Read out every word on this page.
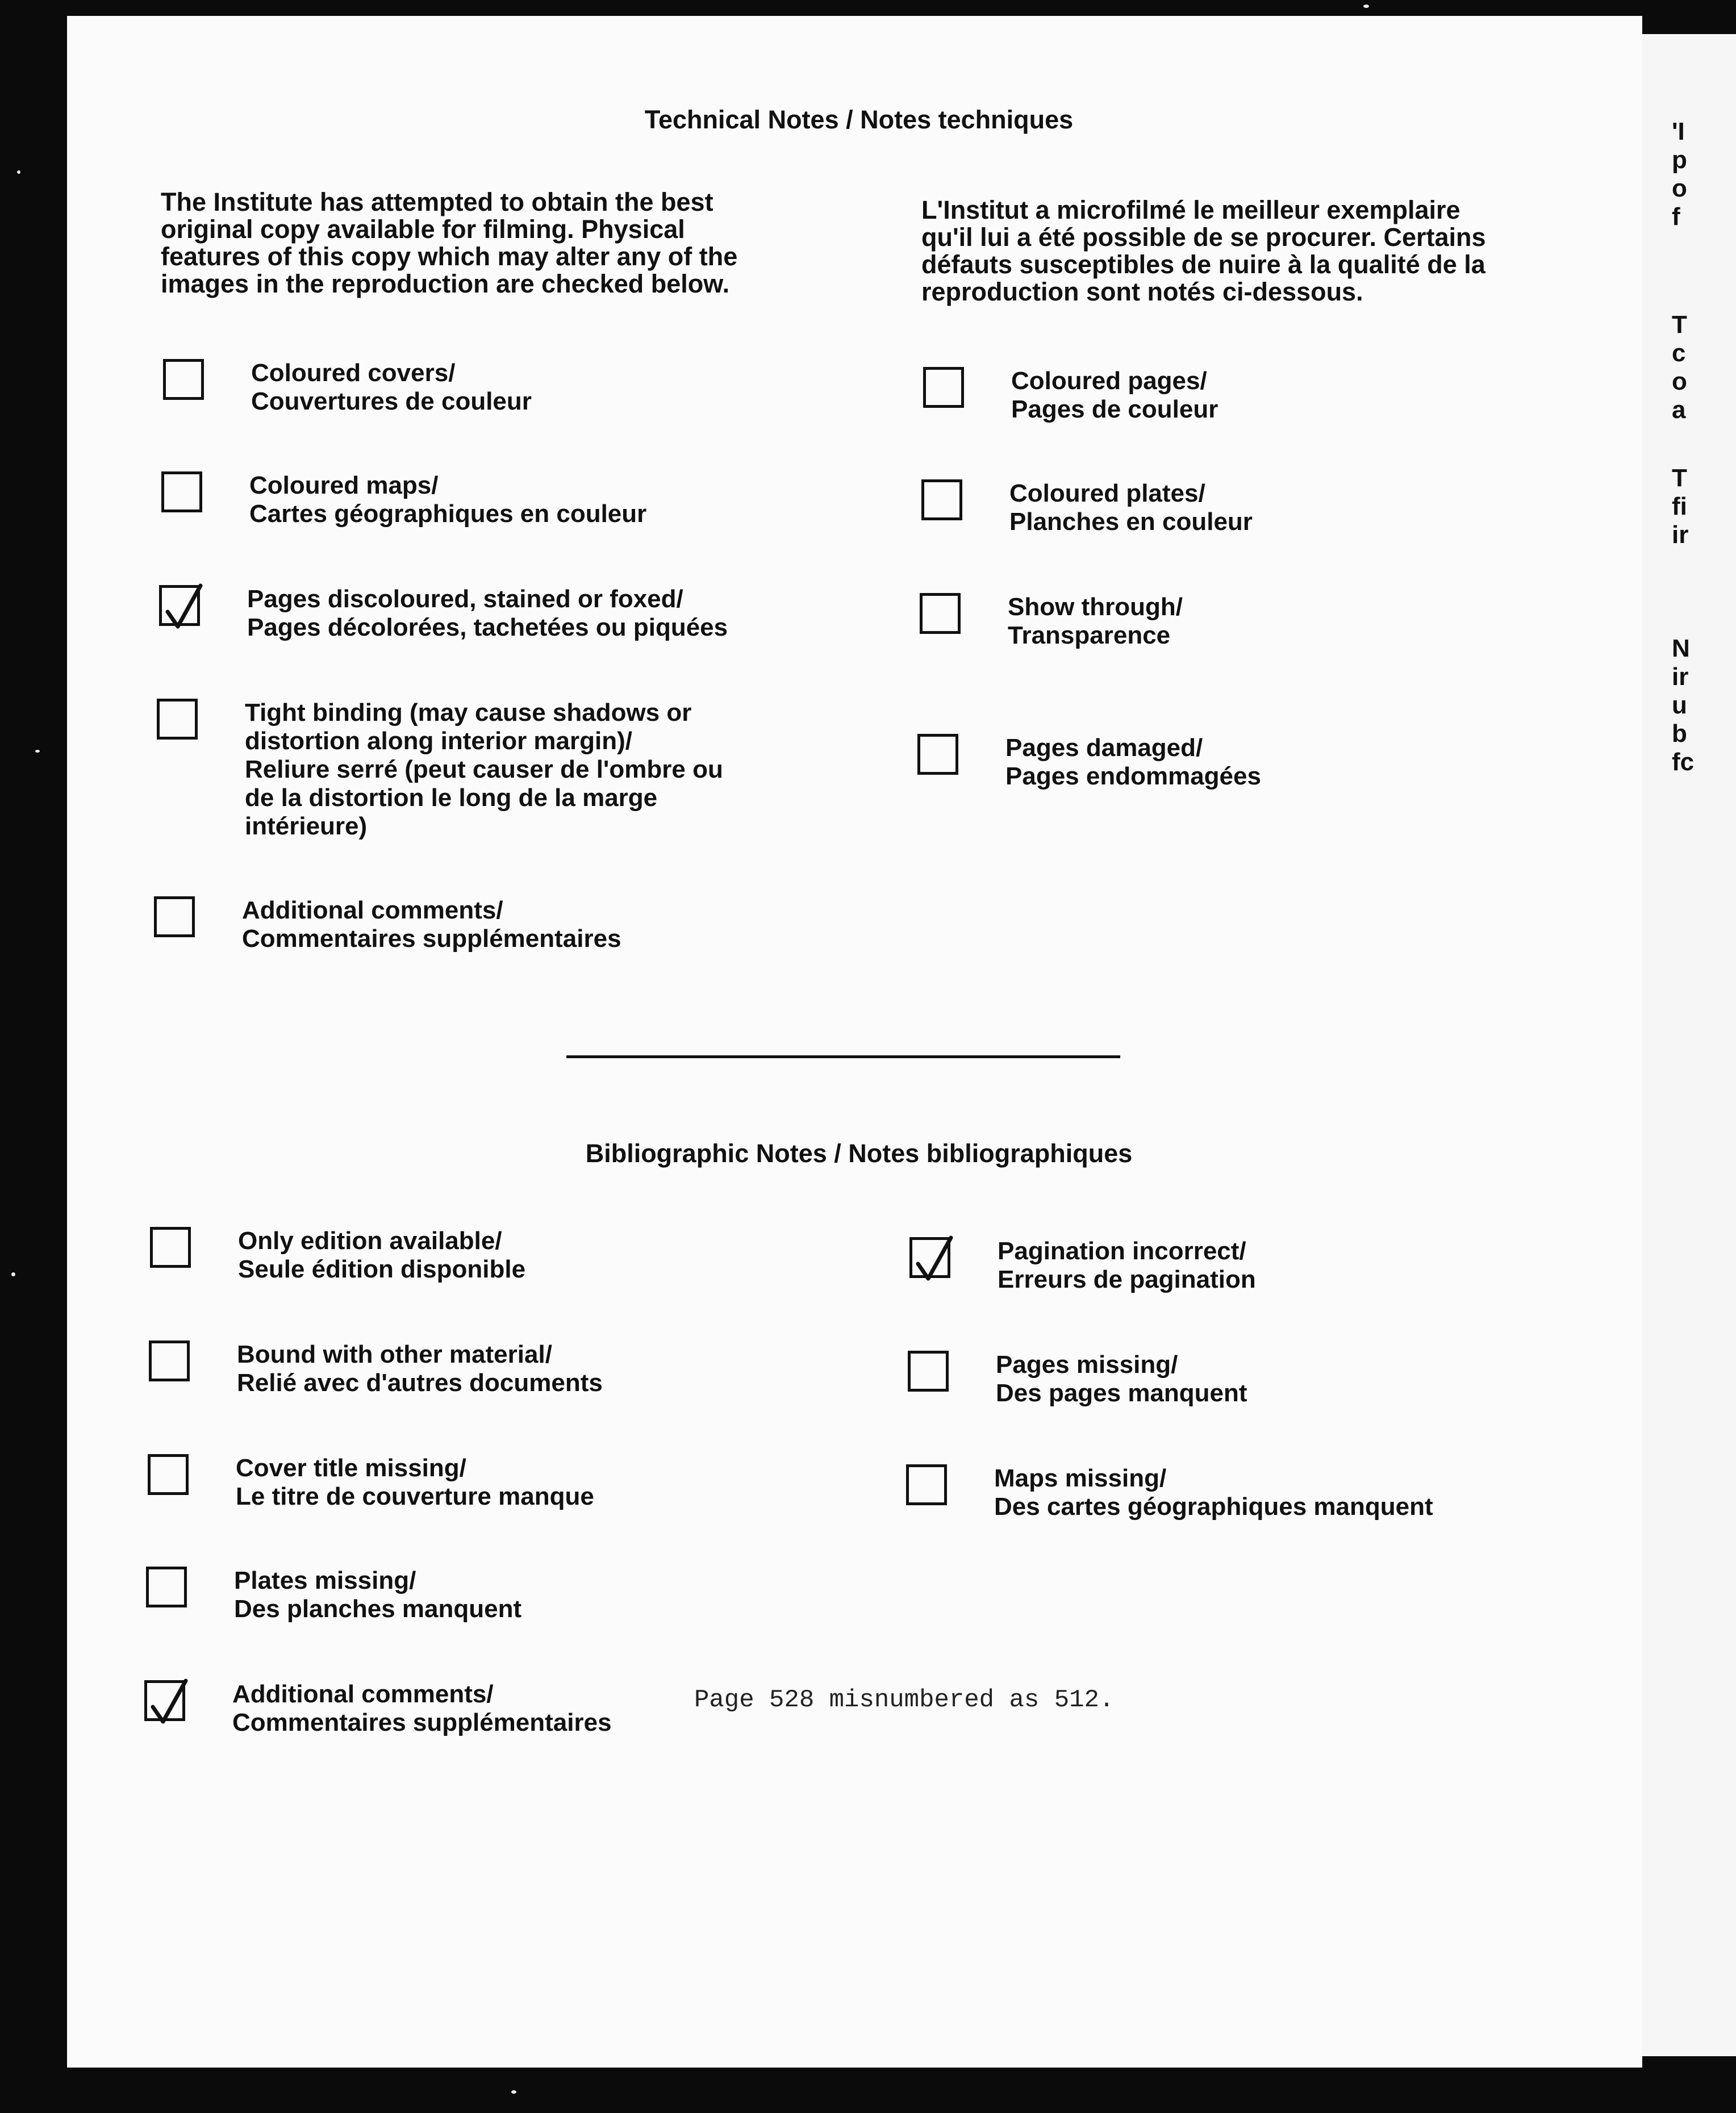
'I
p
o
f
T
c
o
a
T
fi
ir
N
ir
u
b
fc
Technical Notes / Notes techniques
The Institute has attempted to obtain the best
original copy available for filming. Physical
features of this copy which may alter any of the
images in the reproduction are checked below.
L'Institut a microfilmé le meilleur exemplaire
qu'il lui a été possible de se procurer. Certains
défauts susceptibles de nuire à la qualité de la
reproduction sont notés ci-dessous.
Coloured covers/
Couvertures de couleur
Coloured maps/
Cartes géographiques en couleur
Pages discoloured, stained or foxed/
Pages décolorées, tachetées ou piquées
Tight binding (may cause shadows or
distortion along interior margin)/
Reliure serré (peut causer de l'ombre ou
de la distortion le long de la marge
intérieure)
Additional comments/
Commentaires supplémentaires
Coloured pages/
Pages de couleur
Coloured plates/
Planches en couleur
Show through/
Transparence
Pages damaged/
Pages endommagées
Bibliographic Notes / Notes bibliographiques
Only edition available/
Seule édition disponible
Bound with other material/
Relié avec d'autres documents
Cover title missing/
Le titre de couverture manque
Plates missing/
Des planches manquent
Additional comments/
Commentaires supplémentaires
Page 528 misnumbered as 512.
Pagination incorrect/
Erreurs de pagination
Pages missing/
Des pages manquent
Maps missing/
Des cartes géographiques manquent
